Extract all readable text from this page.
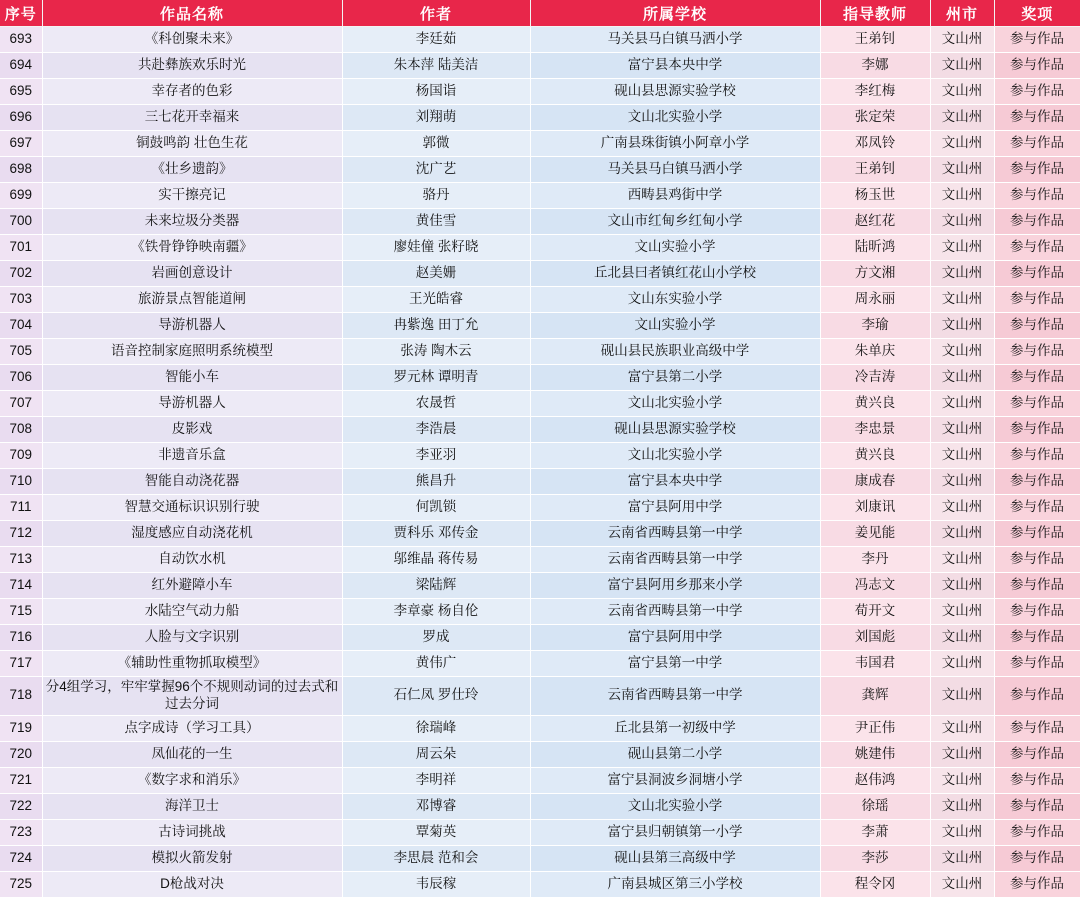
序号	作品名称	作者	所属学校	指导教师	州市	奖项
693	《科创聚未来》	李廷茹	马关县马白镇马洒小学	王弟钊	文山州	参与作品
694	共赴彝族欢乐时光	朱本萍 陆美洁	富宁县本央中学	李娜	文山州	参与作品
695	幸存者的色彩	杨国诣	砚山县思源实验学校	李红梅	文山州	参与作品
696	三七花开幸福来	刘翔萌	文山北实验小学	张定荣	文山州	参与作品
697	铜鼓鸣韵 壮色生花	郭微	广南县珠街镇小阿章小学	邓凤铃	文山州	参与作品
698	《壮乡遗韵》	沈广艺	马关县马白镇马洒小学	王弟钊	文山州	参与作品
699	实干擦亮记	骆丹	西畴县鸡街中学	杨玉世	文山州	参与作品
700	未来垃圾分类器	黄佳雪	文山市红甸乡红甸小学	赵红花	文山州	参与作品
701	《铁骨铮铮映南疆》	廖娃僮 张籽晓	文山实验小学	陆昕鸿	文山州	参与作品
702	岩画创意设计	赵美姗	丘北县曰者镇红花山小学校	方文湘	文山州	参与作品
703	旅游景点智能道闸	王光皓睿	文山东实验小学	周永丽	文山州	参与作品
704	导游机器人	冉紫逸 田丁允	文山实验小学	李瑜	文山州	参与作品
705	语音控制家庭照明系统模型	张涛 陶木云	砚山县民族职业高级中学	朱单庆	文山州	参与作品
706	智能小车	罗元林 谭明青	富宁县第二小学	冷吉涛	文山州	参与作品
707	导游机器人	农晟哲	文山北实验小学	黄兴良	文山州	参与作品
708	皮影戏	李浩晨	砚山县思源实验学校	李忠景	文山州	参与作品
709	非遗音乐盒	李亚羽	文山北实验小学	黄兴良	文山州	参与作品
710	智能自动浇花器	熊昌升	富宁县本央中学	康成春	文山州	参与作品
711	智慧交通标识识别行驶	何凯锁	富宁县阿用中学	刘康讯	文山州	参与作品
712	湿度感应自动浇花机	贾科乐 邓传金	云南省西畴县第一中学	姜见能	文山州	参与作品
713	自动饮水机	邬维晶 蒋传易	云南省西畴县第一中学	李丹	文山州	参与作品
714	红外避障小车	梁陆辉	富宁县阿用乡那来小学	冯志文	文山州	参与作品
715	水陆空气动力船	李章豪 杨自伦	云南省西畴县第一中学	荀开文	文山州	参与作品
716	人脸与文字识别	罗成	富宁县阿用中学	刘国彪	文山州	参与作品
717	《辅助性重物抓取模型》	黄伟广	富宁县第一中学	韦国君	文山州	参与作品
718	分4组学习，牢牢掌握96个不规则动词的过去式和过去分词	石仁凤 罗仕玲	云南省西畴县第一中学	龚辉	文山州	参与作品
719	点字成诗（学习工具）	徐瑞峰	丘北县第一初级中学	尹正伟	文山州	参与作品
720	凤仙花的一生	周云朵	砚山县第二小学	姚建伟	文山州	参与作品
721	《数字求和消乐》	李明祥	富宁县洞波乡洞塘小学	赵伟鸿	文山州	参与作品
722	海洋卫士	邓博睿	文山北实验小学	徐瑶	文山州	参与作品
723	古诗词挑战	覃菊英	富宁县归朝镇第一小学	李萧	文山州	参与作品
724	模拟火箭发射	李思晨 范和会	砚山县第三高级中学	李莎	文山州	参与作品
725	D枪战对决	韦辰稼	广南县城区第三小学校	程令冈	文山州	参与作品
